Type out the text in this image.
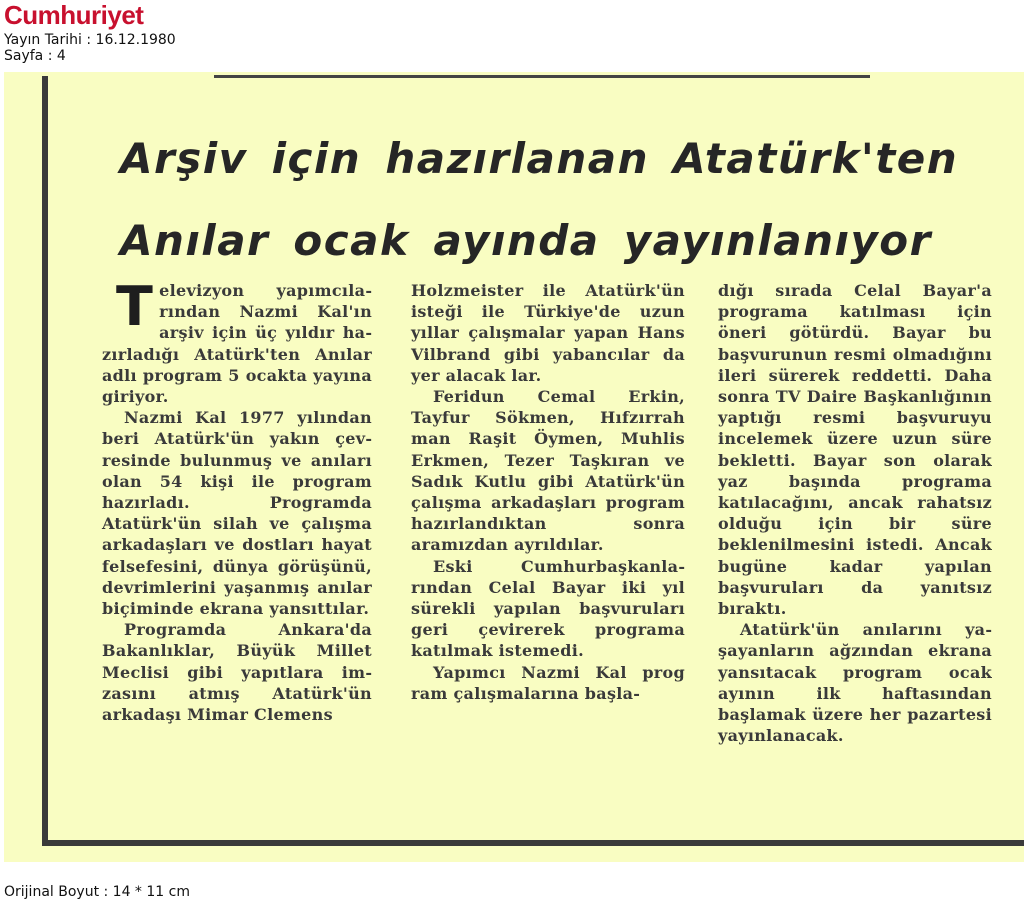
Cumhuriyet
Yayın Tarihi : 16.12.1980
Sayfa : 4
Arşiv için hazırlanan Atatürk'ten
Anılar ocak ayında yayınlanıyor

Televizyon yapımcılarından Nazmi Kal'ın arşiv için üç yıldır hazırladığı Atatürk'ten Anılar adlı program 5 ocakta yayına giriyor.

Nazmi Kal 1977 yılından beri Atatürk'ün yakın çevresinde bulunmuş ve anıları olan 54 kişi ile program hazırladı. Programda Atatürk'ün silah ve çalışma arkadaşları ve dostları hayat felsefesini, dünya görüşünü, devrimlerini yaşanmış anılar biçiminde ekrana yansıttılar.

Programda Ankara'da Bakanlıklar, Büyük Millet Meclisi gibi yapıtlara imzasını atmış Atatürk'ün arkadaşı Mimar Clemens

Holzmeister ile Atatürk'ün isteği ile Türkiye'de uzun yıllar çalışmalar yapan Hans Vilbrand gibi yabancılar da yer alacak lar.

Feridun Cemal Erkin, Tayfur Sökmen, Hıfzırrah man Raşit Öymen, Muhlis Erkmen, Tezer Taşkıran ve Sadık Kutlu gibi Atatürk'ün çalışma arkadaşları program hazırlandıktan sonra aramızdan ayrıldılar.

Eski Cumhurbaşkanlarından Celal Bayar iki yıl sürekli yapılan başvuruları geri çevirerek programa katılmak istemedi.

Yapımcı Nazmi Kal prog ram çalışmalarına başla-

dığı sırada Celal Bayar'a programa katılması için öneri götürdü. Bayar bu başvurunun resmi olmadığını ileri sürerek reddetti. Daha sonra TV Daire Başkanlığının yaptığı resmi başvuruyu incelemek üzere uzun süre bekletti. Bayar son olarak yaz başında programa katılacağını, ancak rahatsız olduğu için bir süre beklenilmesini istedi. Ancak bugüne kadar yapılan başvuruları da yanıtsız bıraktı.

Atatürk'ün anılarını yaşayanların ağzından ekrana yansıtacak program ocak ayının ilk haftasından başlamak üzere her pazartesi yayınlanacak.

Orijinal Boyut : 14 * 11 cm
